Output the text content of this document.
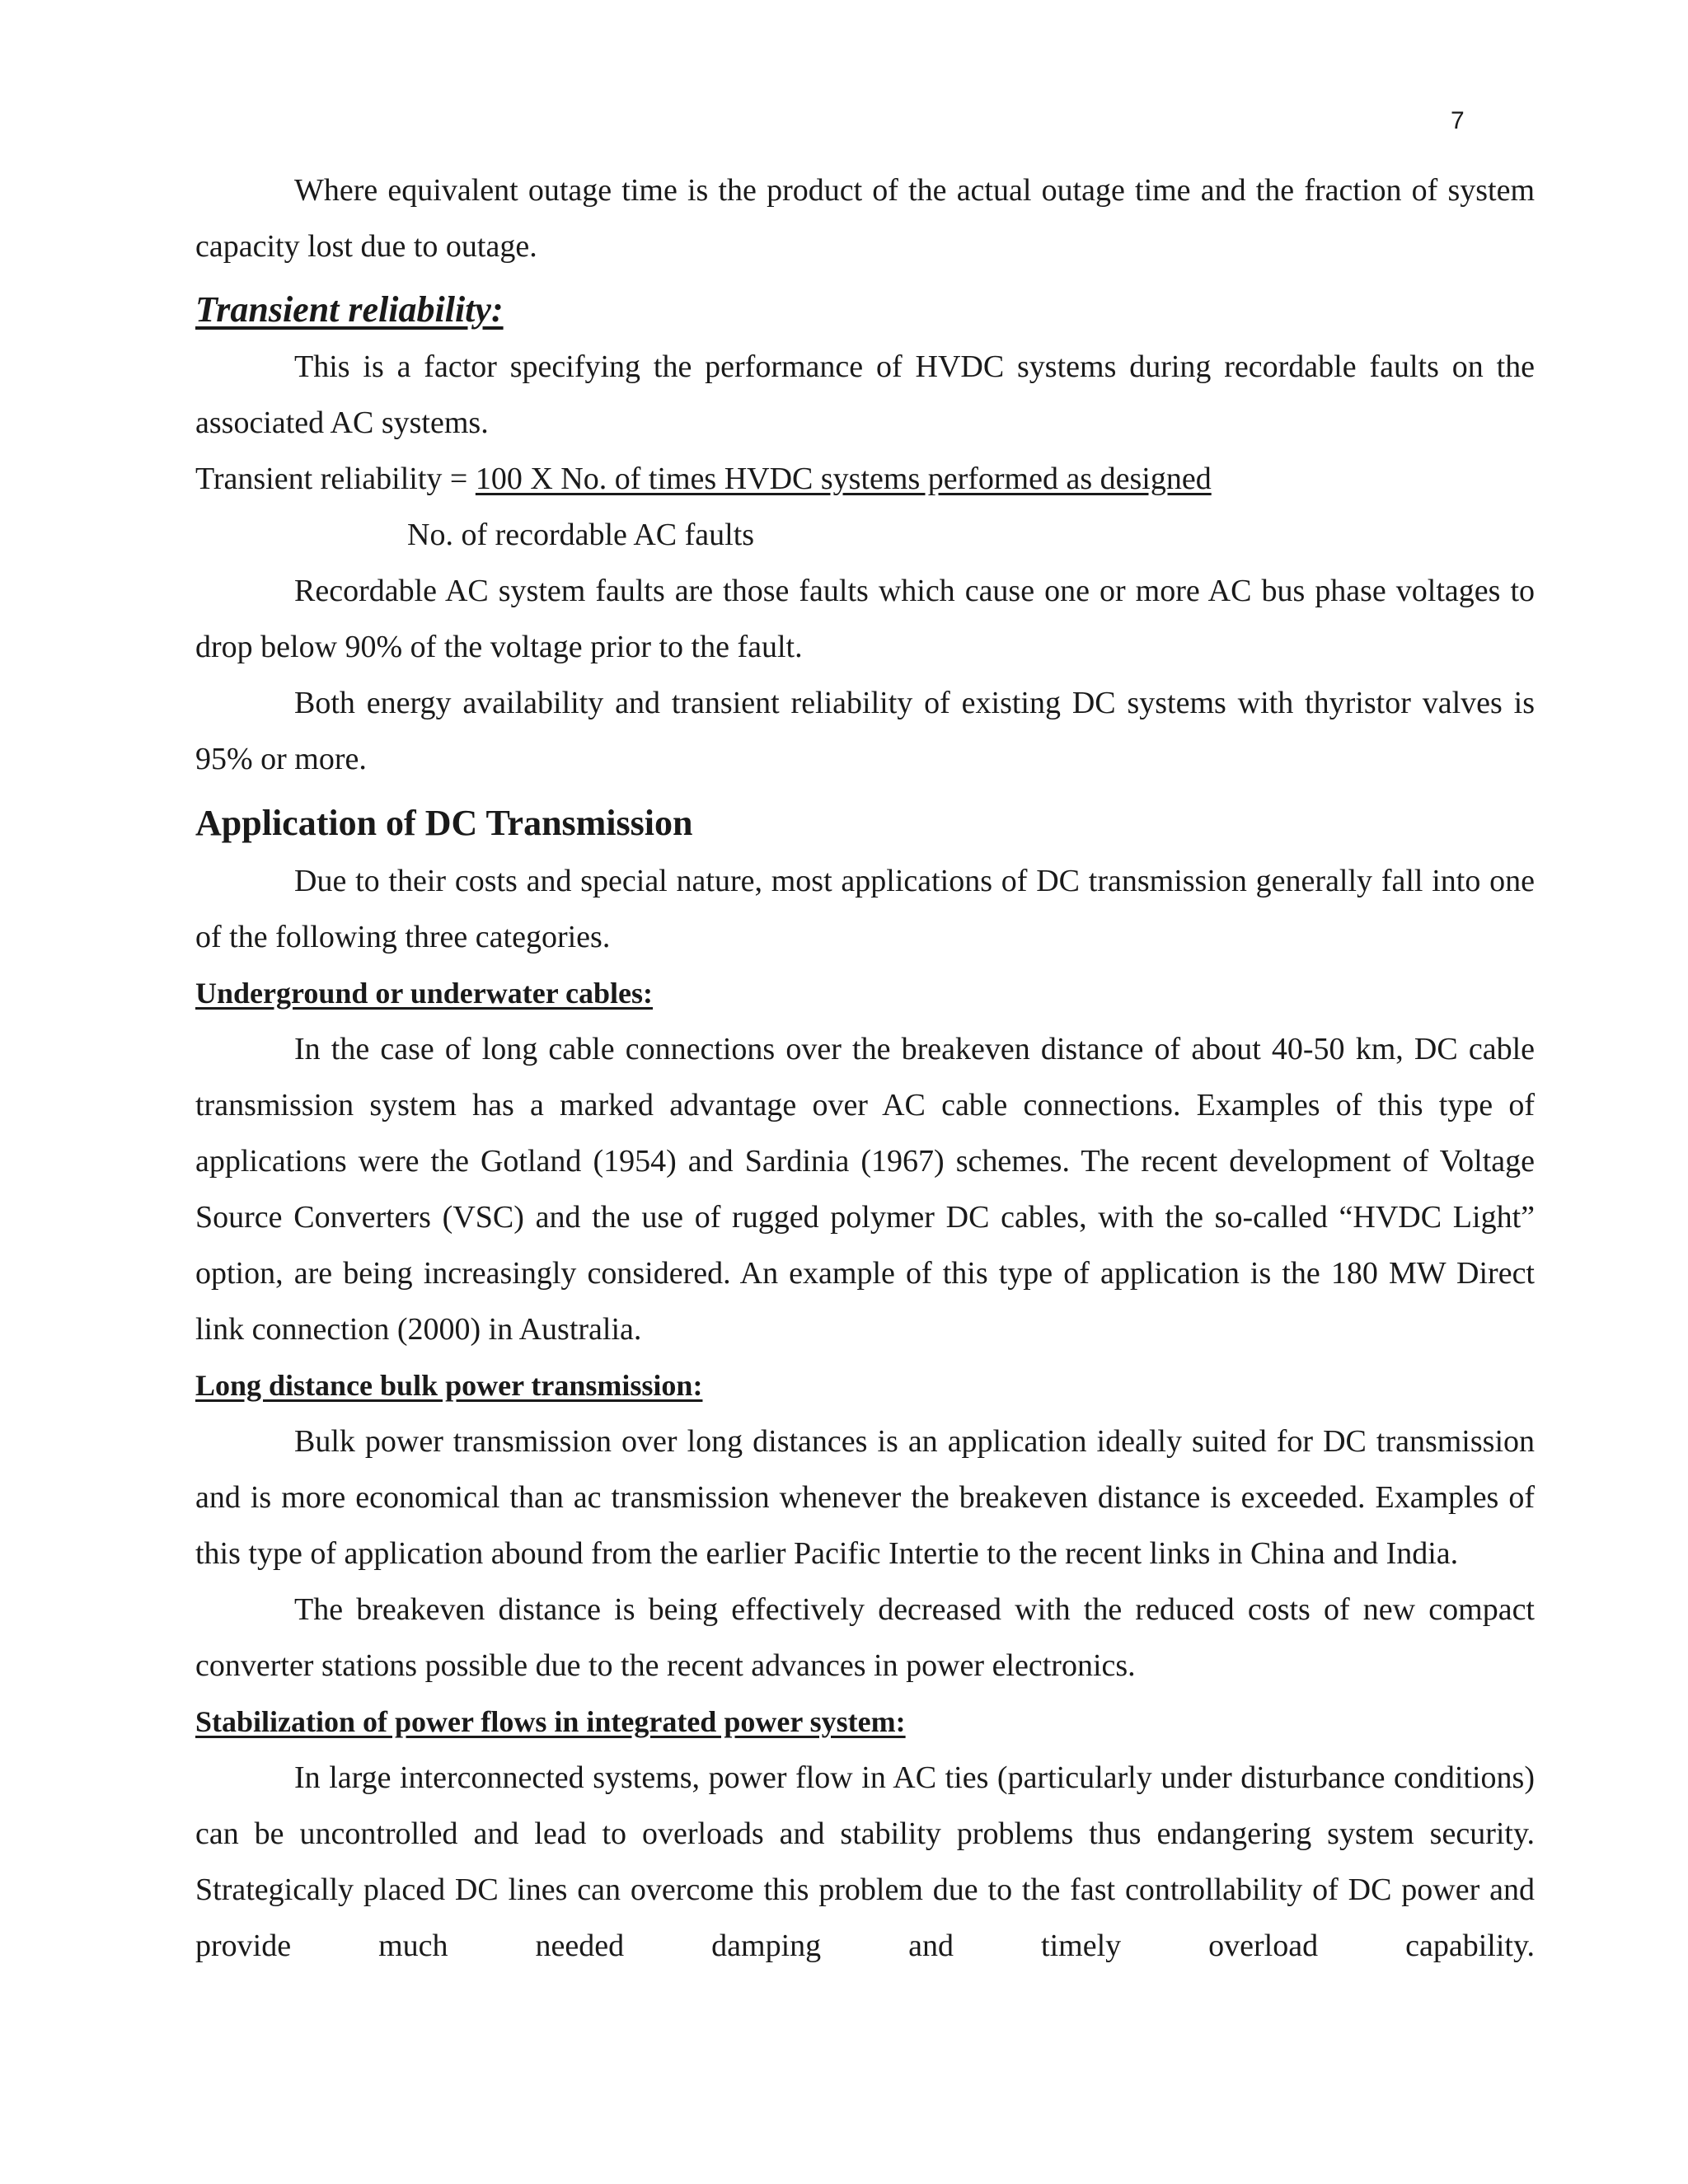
7

Where equivalent outage time is the product of the actual outage time and the fraction of system capacity lost due to outage.

Transient reliability:

This is a factor specifying the performance of HVDC systems during recordable faults on the associated AC systems.

Transient reliability = 100 X No. of times HVDC systems performed as designed

No. of recordable AC faults

Recordable AC system faults are those faults which cause one or more AC bus phase voltages to drop below 90% of the voltage prior to the fault.

Both energy availability and transient reliability of existing DC systems with thyristor valves is 95% or more.

Application of DC Transmission

Due to their costs and special nature, most applications of DC transmission generally fall into one of the following three categories.

Underground or underwater cables:

In the case of long cable connections over the breakeven distance of about 40-50 km, DC cable transmission system has a marked advantage over AC cable connections. Examples of this type of applications were the Gotland (1954) and Sardinia (1967) schemes. The recent development of Voltage Source Converters (VSC) and the use of rugged polymer DC cables, with the so-called “HVDC Light” option, are being increasingly considered. An example of this type of application is the 180 MW Direct link connection (2000) in Australia.

Long distance bulk power transmission:

Bulk power transmission over long distances is an application ideally suited for DC transmission and is more economical than ac transmission whenever the breakeven distance is exceeded. Examples of this type of application abound from the earlier Pacific Intertie to the recent links in China and India.

The breakeven distance is being effectively decreased with the reduced costs of new compact converter stations possible due to the recent advances in power electronics.

Stabilization of power flows in integrated power system:

In large interconnected systems, power flow in AC ties (particularly under disturbance conditions) can be uncontrolled and lead to overloads and stability problems thus endangering system security. Strategically placed DC lines can overcome this problem due to the fast controllability of DC power and provide much needed damping and timely overload capability.
